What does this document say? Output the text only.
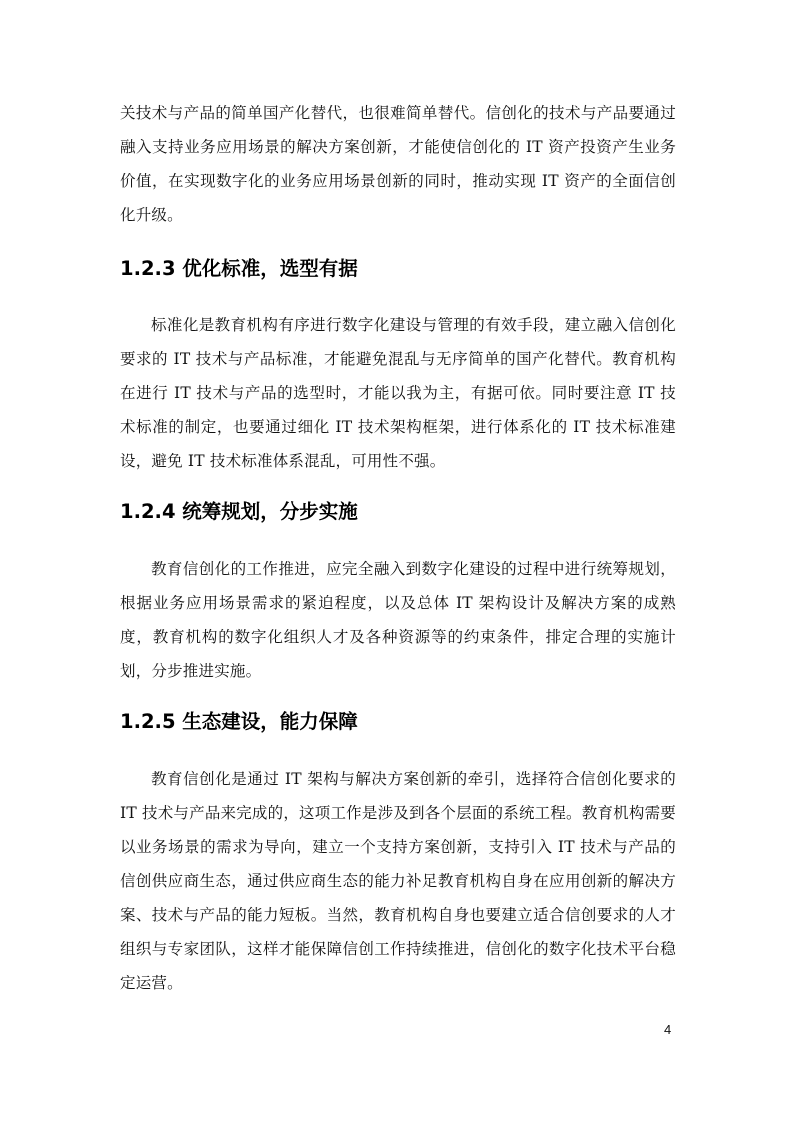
关技术与产品的简单国产化替代，也很难简单替代。信创化的技术与产品要通过融入支持业务应用场景的解决方案创新，才能使信创化的 IT 资产投资产生业务价值，在实现数字化的业务应用场景创新的同时，推动实现 IT 资产的全面信创化升级。

1.2.3 优化标准，选型有据

标准化是教育机构有序进行数字化建设与管理的有效手段，建立融入信创化要求的 IT 技术与产品标准，才能避免混乱与无序简单的国产化替代。教育机构在进行 IT 技术与产品的选型时，才能以我为主，有据可依。同时要注意 IT 技术标准的制定，也要通过细化 IT 技术架构框架，进行体系化的 IT 技术标准建设，避免 IT 技术标准体系混乱，可用性不强。

1.2.4 统筹规划，分步实施

教育信创化的工作推进，应完全融入到数字化建设的过程中进行统筹规划，根据业务应用场景需求的紧迫程度，以及总体 IT 架构设计及解决方案的成熟度，教育机构的数字化组织人才及各种资源等的约束条件，排定合理的实施计划，分步推进实施。

1.2.5 生态建设，能力保障

教育信创化是通过 IT 架构与解决方案创新的牵引，选择符合信创化要求的 IT 技术与产品来完成的，这项工作是涉及到各个层面的系统工程。教育机构需要以业务场景的需求为导向，建立一个支持方案创新，支持引入 IT 技术与产品的信创供应商生态，通过供应商生态的能力补足教育机构自身在应用创新的解决方案、技术与产品的能力短板。当然，教育机构自身也要建立适合信创要求的人才组织与专家团队，这样才能保障信创工作持续推进，信创化的数字化技术平台稳定运营。

4
